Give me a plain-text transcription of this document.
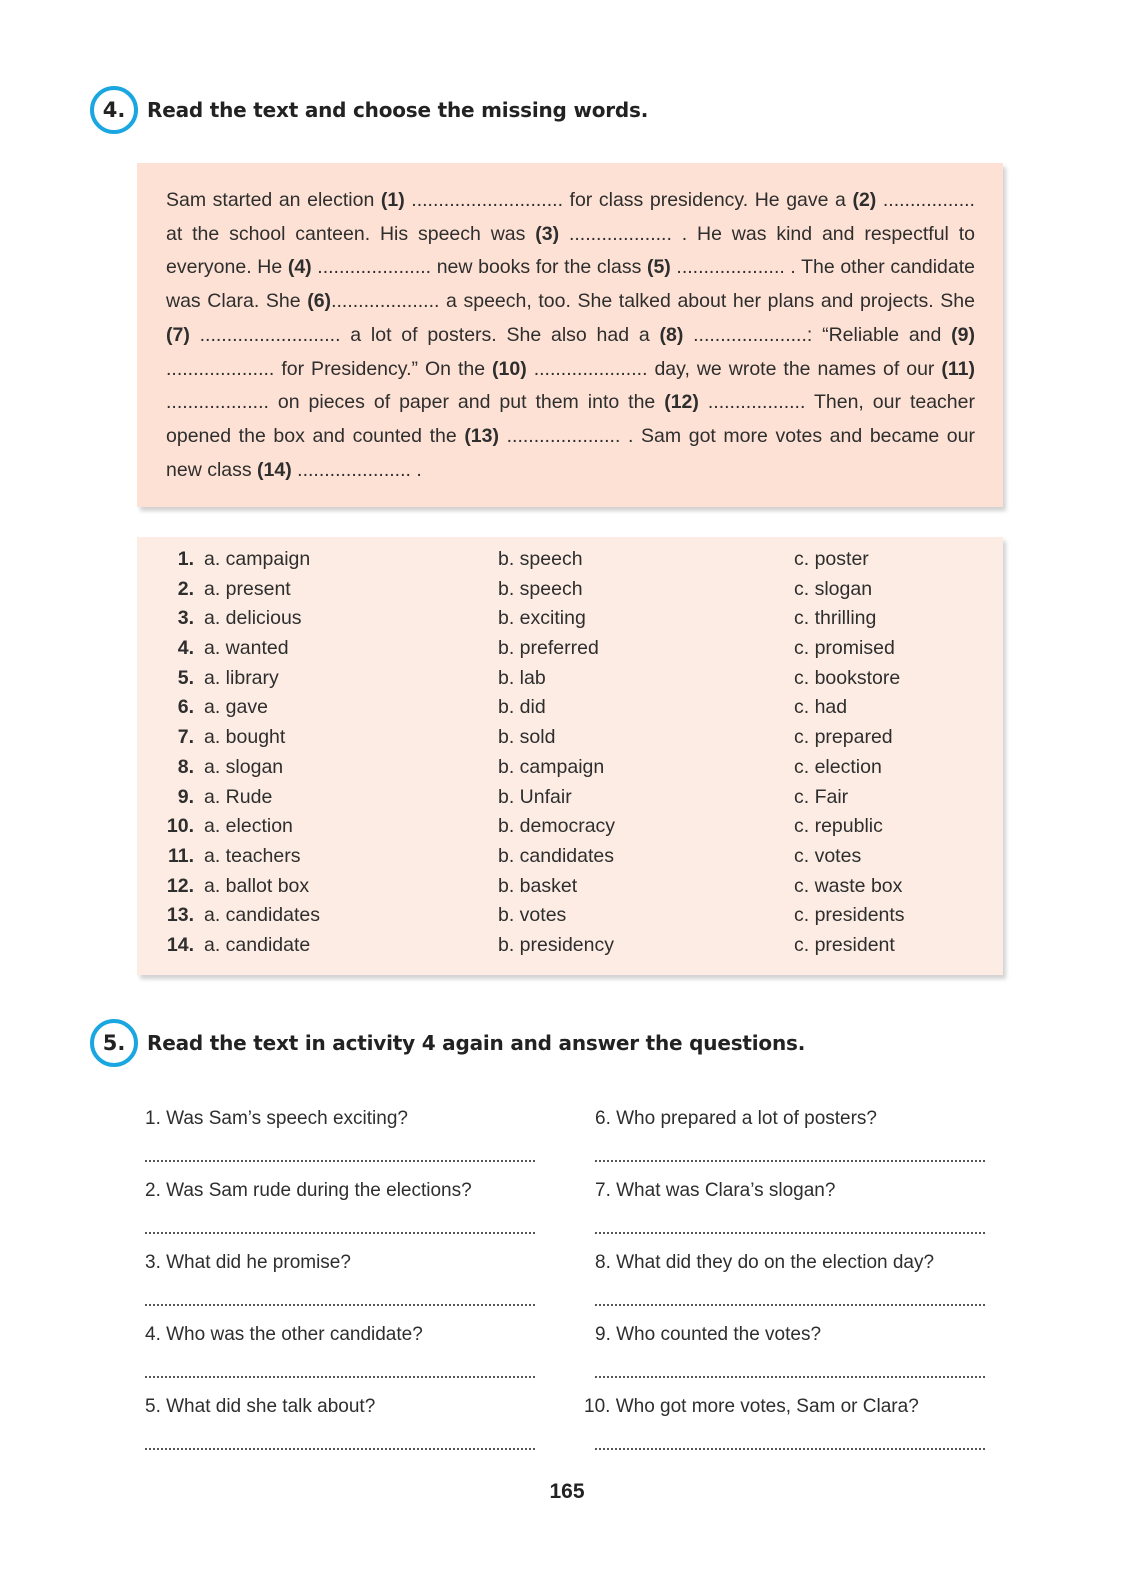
4.	Read the text and choose the missing words.

Sam started an election (1) ............................ for class presidency. He gave a (2) ................. at the school canteen. His speech was (3) ................... . He was kind and respectful to everyone. He (4) ..................... new books for the class (5) .................... . The other candidate was Clara. She (6).................... a speech, too. She talked about her plans and projects. She (7) .......................... a lot of posters. She also had a (8) .....................: “Reliable and (9) .................... for Presidency.” On the (10) ..................... day, we wrote the names of our (11) ................... on pieces of paper and put them into the (12) .................. Then, our teacher opened the box and counted the (13) ..................... . Sam got more votes and became our new class (14) ..................... .

1. a. campaign	b. speech	c. poster
2. a. present	b. speech	c. slogan
3. a. delicious	b. exciting	c. thrilling
4. a. wanted	b. preferred	c. promised
5. a. library	b. lab	c. bookstore
6. a. gave	b. did	c. had
7. a. bought	b. sold	c. prepared
8. a. slogan	b. campaign	c. election
9. a. Rude	b. Unfair	c. Fair
10. a. election	b. democracy	c. republic
11. a. teachers	b. candidates	c. votes
12. a. ballot box	b. basket	c. waste box
13. a. candidates	b. votes	c. presidents
14. a. candidate	b. presidency	c. president
5.	Read the text in activity 4 again and answer the questions.
1. Was Sam’s speech exciting?
2. Was Sam rude during the elections?
3. What did he promise?
4. Who was the other candidate?
5. What did she talk about?
6. Who prepared a lot of posters?
7. What was Clara’s slogan?
8. What did they do on the election day?
9. Who counted the votes?
10. Who got more votes, Sam or Clara?
165
